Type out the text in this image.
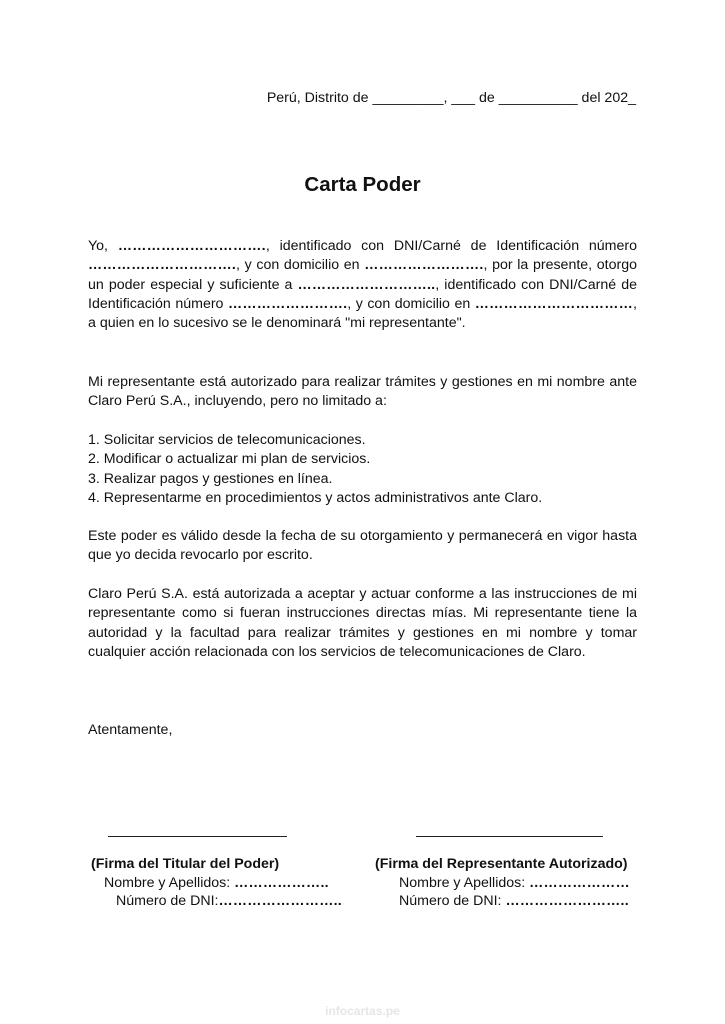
Perú, Distrito de _________, ___ de __________ del 202_
Carta Poder
Yo, …………………………., identificado con DNI/Carné de Identificación número …………………………., y con domicilio en ……………………., por la presente, otorgo un poder especial y suficiente a ……………………….., identificado con DNI/Carné de Identificación número ……………………., y con domicilio en ……………………………, a quien en lo sucesivo se le denominará "mi representante".
Mi representante está autorizado para realizar trámites y gestiones en mi nombre ante Claro Perú S.A., incluyendo, pero no limitado a:
1. Solicitar servicios de telecomunicaciones.
2. Modificar o actualizar mi plan de servicios.
3. Realizar pagos y gestiones en línea.
4. Representarme en procedimientos y actos administrativos ante Claro.
Este poder es válido desde la fecha de su otorgamiento y permanecerá en vigor hasta que yo decida revocarlo por escrito.
Claro Perú S.A. está autorizada a aceptar y actuar conforme a las instrucciones de mi representante como si fueran instrucciones directas mías. Mi representante tiene la autoridad y la facultad para realizar trámites y gestiones en mi nombre y tomar cualquier acción relacionada con los servicios de telecomunicaciones de Claro.
Atentamente,
(Firma del Titular del Poder)
Nombre y Apellidos: ………………..
Número de DNI:……………………..
(Firma del Representante Autorizado)
Nombre y Apellidos: …………………
Número de DNI: ……………………..
infocartas.pe
